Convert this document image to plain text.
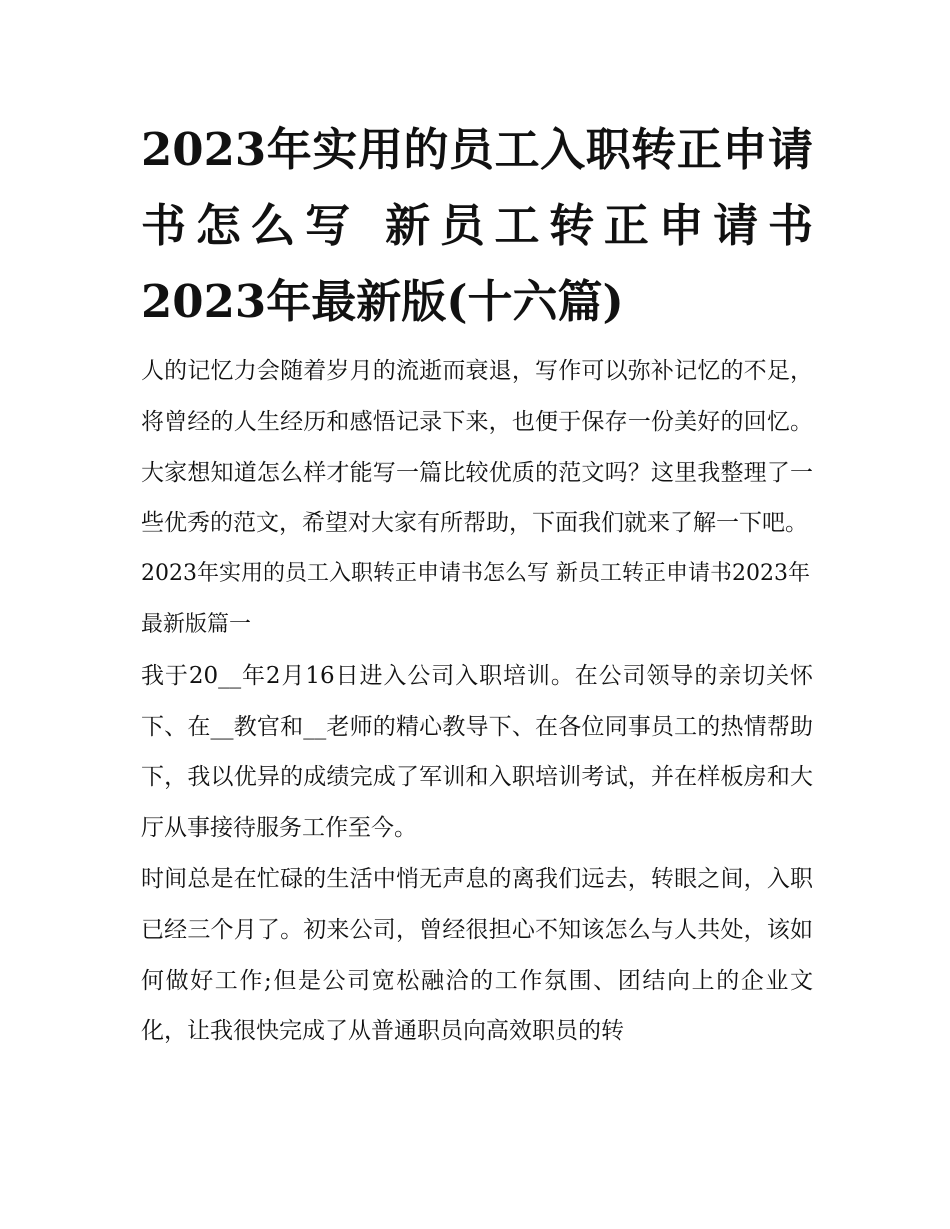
2023年实用的员工入职转正申请书怎么写 新员工转正申请书2023年最新版(十六篇)

人的记忆力会随着岁月的流逝而衰退，写作可以弥补记忆的不足，将曾经的人生经历和感悟记录下来，也便于保存一份美好的回忆。大家想知道怎么样才能写一篇比较优质的范文吗？这里我整理了一些优秀的范文，希望对大家有所帮助，下面我们就来了解一下吧。

2023年实用的员工入职转正申请书怎么写 新员工转正申请书2023年最新版篇一

我于20__年2月16日进入公司入职培训。在公司领导的亲切关怀下、在__教官和__老师的精心教导下、在各位同事员工的热情帮助下，我以优异的成绩完成了军训和入职培训考试，并在样板房和大厅从事接待服务工作至今。

时间总是在忙碌的生活中悄无声息的离我们远去，转眼之间，入职已经三个月了。初来公司，曾经很担心不知该怎么与人共处，该如何做好工作;但是公司宽松融洽的工作氛围、团结向上的企业文化，让我很快完成了从普通职员向高效职员的转
